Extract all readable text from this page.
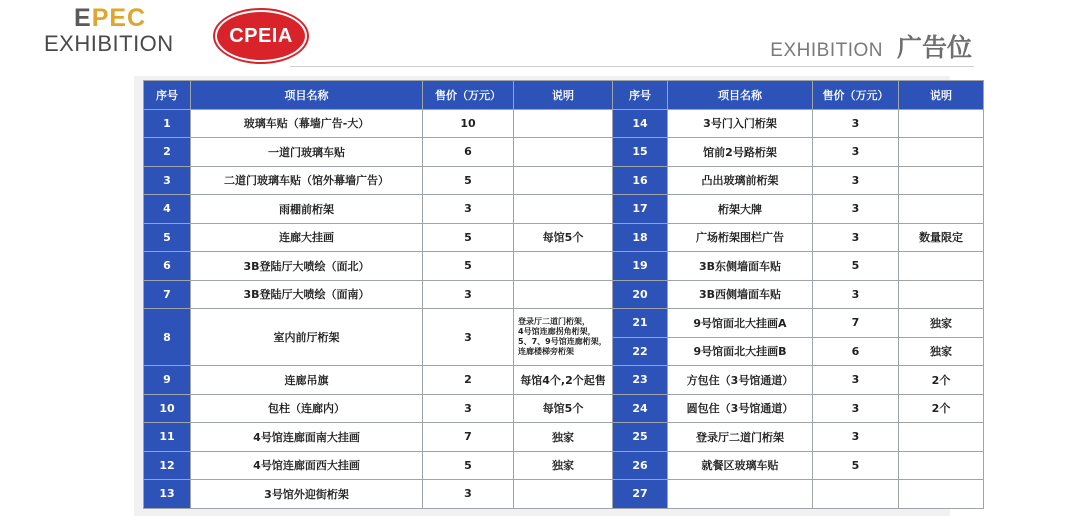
EPEC
EXHIBITION	CPEIA
EXHIBITION 广告位
序号	项目名称	售价（万元）	说明	序号	项目名称	售价（万元）	说明
1	玻璃车贴（幕墙广告-大）	10		14	3号门入门桁架	3	
2	一道门玻璃车贴	6		15	馆前2号路桁架	3	
3	二道门玻璃车贴（馆外幕墙广告）	5		16	凸出玻璃前桁架	3	
4	雨棚前桁架	3		17	桁架大牌	3	
5	连廊大挂画	5	每馆5个	18	广场桁架围栏广告	3	数量限定
6	3B登陆厅大喷绘（面北）	5		19	3B东侧墙面车贴	5	
7	3B登陆厅大喷绘（面南）	3		20	3B西侧墙面车贴	3	
8	室内前厅桁架	3	登录厅二道门桁架，
4号馆连廊拐角桁架，
5、7、9号馆连廊桁架，
连廊楼梯旁桁架	21	9号馆面北大挂画A	7	独家
				22	9号馆面北大挂画B	6	独家
9	连廊吊旗	2	每馆4个,2个起售	23	方包住（3号馆通道）	3	2个
10	包柱（连廊内）	3	每馆5个	24	圆包住（3号馆通道）	3	2个
11	4号馆连廊面南大挂画	7	独家	25	登录厅二道门桁架	3	
12	4号馆连廊面西大挂画	5	独家	26	就餐区玻璃车贴	5	
13	3号馆外迎街桁架	3		27			
